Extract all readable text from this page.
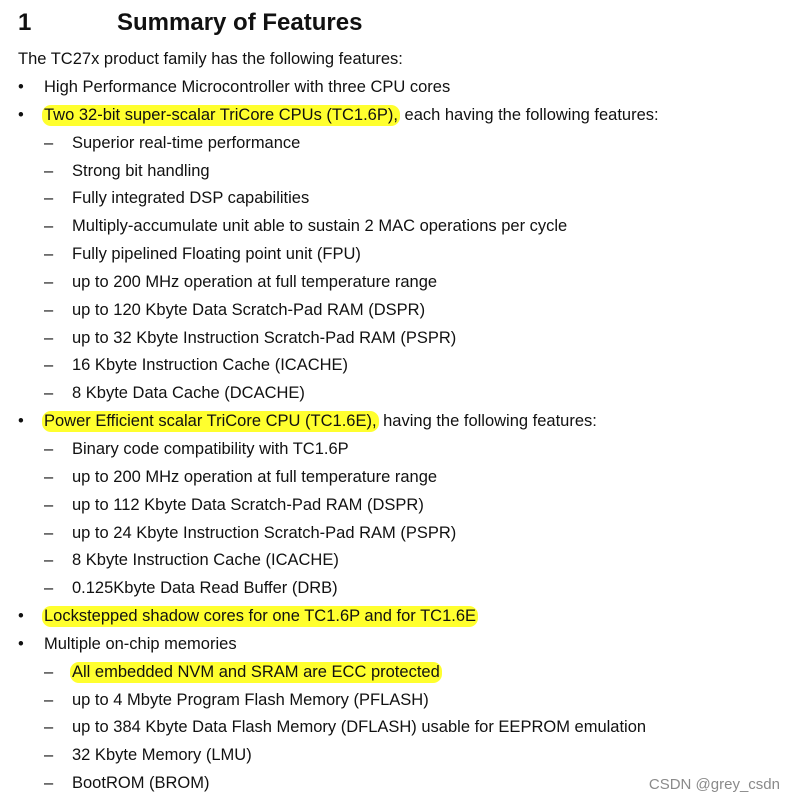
1	Summary of Features
The TC27x product family has the following features:
• High Performance Microcontroller with three CPU cores
• Two 32-bit super-scalar TriCore CPUs (TC1.6P), each having the following features:
– Superior real-time performance
– Strong bit handling
– Fully integrated DSP capabilities
– Multiply-accumulate unit able to sustain 2 MAC operations per cycle
– Fully pipelined Floating point unit (FPU)
– up to 200 MHz operation at full temperature range
– up to 120 Kbyte Data Scratch-Pad RAM (DSPR)
– up to 32 Kbyte Instruction Scratch-Pad RAM (PSPR)
– 16 Kbyte Instruction Cache (ICACHE)
– 8 Kbyte Data Cache (DCACHE)
• Power Efficient scalar TriCore CPU (TC1.6E), having the following features:
– Binary code compatibility with TC1.6P
– up to 200 MHz operation at full temperature range
– up to 112 Kbyte Data Scratch-Pad RAM (DSPR)
– up to 24 Kbyte Instruction Scratch-Pad RAM (PSPR)
– 8 Kbyte Instruction Cache (ICACHE)
– 0.125Kbyte Data Read Buffer (DRB)
• Lockstepped shadow cores for one TC1.6P and for TC1.6E
• Multiple on-chip memories
– All embedded NVM and SRAM are ECC protected
– up to 4 Mbyte Program Flash Memory (PFLASH)
– up to 384 Kbyte Data Flash Memory (DFLASH) usable for EEPROM emulation
– 32 Kbyte Memory (LMU)
– BootROM (BROM)	CSDN @grey_csdn
